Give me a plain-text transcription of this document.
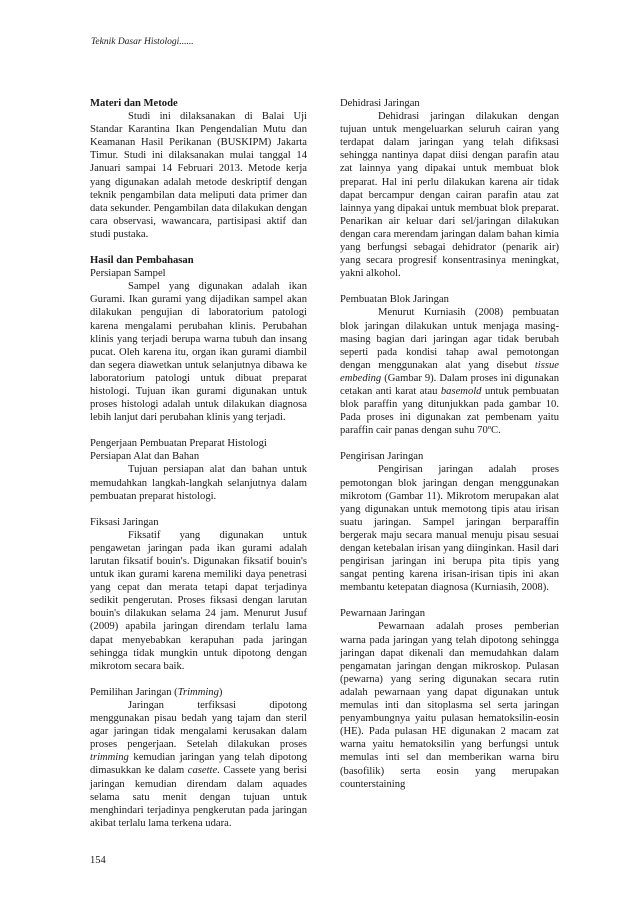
Teknik Dasar Histologi......

Materi dan Metode

Studi ini dilaksanakan di Balai Uji Standar Karantina Ikan Pengendalian Mutu dan Keamanan Hasil Perikanan (BUSKIPM) Jakarta Timur. Studi ini dilaksanakan mulai tanggal 14 Januari sampai 14 Februari 2013. Metode kerja yang digunakan adalah metode deskriptif dengan teknik pengambilan data meliputi data primer dan data sekunder. Pengambilan data dilakukan dengan cara observasi, wawancara, partisipasi aktif dan studi pustaka.

Hasil dan Pembahasan

Persiapan Sampel

Sampel yang digunakan adalah ikan Gurami. Ikan gurami yang dijadikan sampel akan dilakukan pengujian di laboratorium patologi karena mengalami perubahan klinis. Perubahan klinis yang terjadi berupa warna tubuh dan insang pucat. Oleh karena itu, organ ikan gurami diambil dan segera diawetkan untuk selanjutnya dibawa ke laboratorium patologi untuk dibuat preparat histologi. Tujuan ikan gurami digunakan untuk proses histologi adalah untuk dilakukan diagnosa lebih lanjut dari perubahan klinis yang terjadi.

Pengerjaan Pembuatan Preparat Histologi

Persiapan Alat dan Bahan

Tujuan persiapan alat dan bahan untuk memudahkan langkah-langkah selanjutnya dalam pembuatan preparat histologi.

Fiksasi Jaringan

Fiksatif yang digunakan untuk pengawetan jaringan pada ikan gurami adalah larutan fiksatif bouin's. Digunakan fiksatif bouin's untuk ikan gurami karena memiliki daya penetrasi yang cepat dan merata tetapi dapat terjadinya sedikit pengerutan. Proses fiksasi dengan larutan bouin's dilakukan selama 24 jam. Menurut Jusuf (2009) apabila jaringan direndam terlalu lama dapat menyebabkan kerapuhan pada jaringan sehingga tidak mungkin untuk dipotong dengan mikrotom secara baik.

Pemilihan Jaringan (Trimming)

Jaringan terfiksasi dipotong menggunakan pisau bedah yang tajam dan steril agar jaringan tidak mengalami kerusakan dalam proses pengerjaan. Setelah dilakukan proses trimming kemudian jaringan yang telah dipotong dimasukkan ke dalam casette. Cassete yang berisi jaringan kemudian direndam dalam aquades selama satu menit dengan tujuan untuk menghindari terjadinya pengkerutan pada jaringan akibat terlalu lama terkena udara.

Dehidrasi Jaringan

Dehidrasi jaringan dilakukan dengan tujuan untuk mengeluarkan seluruh cairan yang terdapat dalam jaringan yang telah difiksasi sehingga nantinya dapat diisi dengan parafin atau zat lainnya yang dipakai untuk membuat blok preparat. Hal ini perlu dilakukan karena air tidak dapat bercampur dengan cairan parafin atau zat lainnya yang dipakai untuk membuat blok preparat. Penarikan air keluar dari sel/jaringan dilakukan dengan cara merendam jaringan dalam bahan kimia yang berfungsi sebagai dehidrator (penarik air) yang secara progresif konsentrasinya meningkat, yakni alkohol.

Pembuatan Blok Jaringan

Menurut Kurniasih (2008) pembuatan blok jaringan dilakukan untuk menjaga masing-masing bagian dari jaringan agar tidak berubah seperti pada kondisi tahap awal pemotongan dengan menggunakan alat yang disebut tissue embeding (Gambar 9). Dalam proses ini digunakan cetakan anti karat atau basemold untuk pembuatan blok paraffin yang ditunjukkan pada gambar 10. Pada proses ini digunakan zat pembenam yaitu paraffin cair panas dengan suhu 70ºC.

Pengirisan Jaringan

Pengirisan jaringan adalah proses pemotongan blok jaringan dengan menggunakan mikrotom (Gambar 11). Mikrotom merupakan alat yang digunakan untuk memotong tipis atau irisan suatu jaringan. Sampel jaringan berparaffin bergerak maju secara manual menuju pisau sesuai dengan ketebalan irisan yang diinginkan. Hasil dari pengirisan jaringan ini berupa pita tipis yang sangat penting karena irisan-irisan tipis ini akan membantu ketepatan diagnosa (Kurniasih, 2008).

Pewarnaan Jaringan

Pewarnaan adalah proses pemberian warna pada jaringan yang telah dipotong sehingga jaringan dapat dikenali dan memudahkan dalam pengamatan jaringan dengan mikroskop. Pulasan (pewarna) yang sering digunakan secara rutin adalah pewarnaan yang dapat digunakan untuk memulas inti dan sitoplasma sel serta jaringan penyambungnya yaitu pulasan hematoksilin-eosin (HE). Pada pulasan HE digunakan 2 macam zat warna yaitu hematoksilin yang berfungsi untuk memulas inti sel dan memberikan warna biru (basofilik) serta eosin yang merupakan counterstaining

154
